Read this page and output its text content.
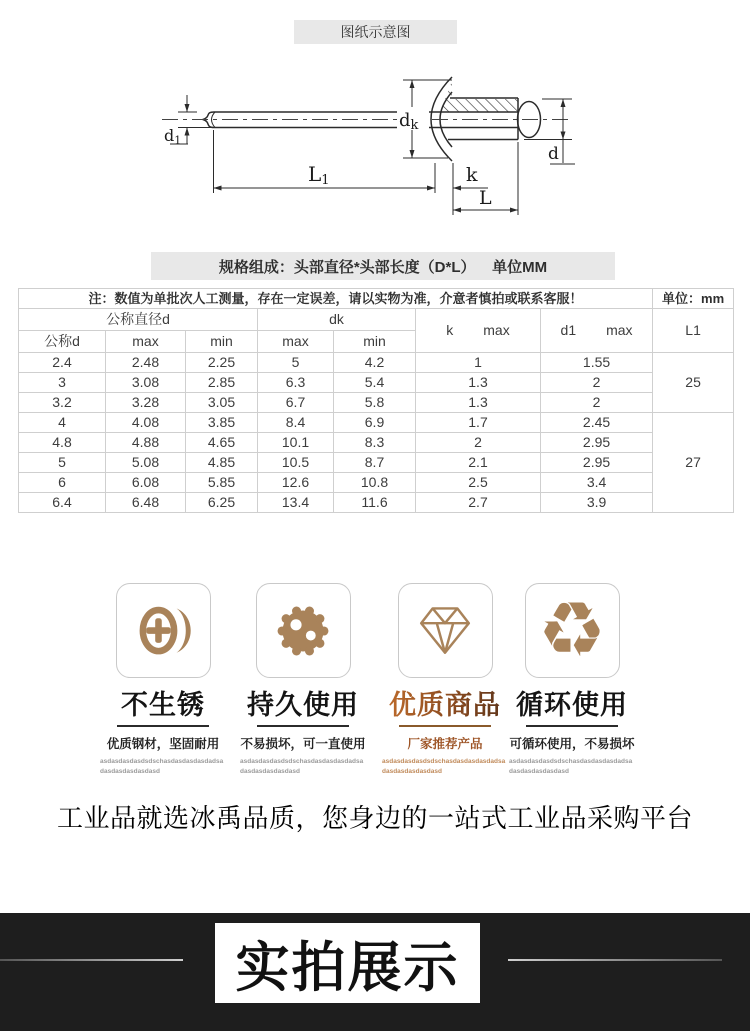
d1
dk
d
L1	k
L
图纸示意图
规格组成：头部直径*头部长度（D*L）    单位MM
注：数值为单批次人工测量，存在一定误差，请以实物为准，介意者慎拍或联系客服！							单位：mm
公称直径d			dk		k max	d1 max	L1
公称d	max	min	max	min			
2.4	2.48	2.25	5	4.2	1	1.55	25
3	3.08	2.85	6.3	5.4	1.3	2	
3.2	3.28	3.05	6.7	5.8	1.3	2	
4	4.08	3.85	8.4	6.9	1.7	2.45	27
4.8	4.88	4.65	10.1	8.3	2	2.95	
5	5.08	4.85	10.5	8.7	2.1	2.95	
6	6.08	5.85	12.6	10.8	2.5	3.4	
6.4	6.48	6.25	13.4	11.6	2.7	3.9	
不生锈
优质钢材，坚固耐用
asdasdasdasdsdschasdasdasdasdadsadasdasdasdasdasd
持久使用
不易损坏，可一直使用
asdasdasdasdsdschasdasdasdasdadsadasdasdasdasdasd
优质商品
厂家推荐产品
asdasdasdasdsdschasdasdasdasdadsadasdasdasdasdasd
♻
循环使用
可循环使用，不易损坏
asdasdasdasdsdschasdasdasdasdadsadasdasdasdasdasd
工业品就选冰禹品质，您身边的一站式工业品采购平台
实拍展示
